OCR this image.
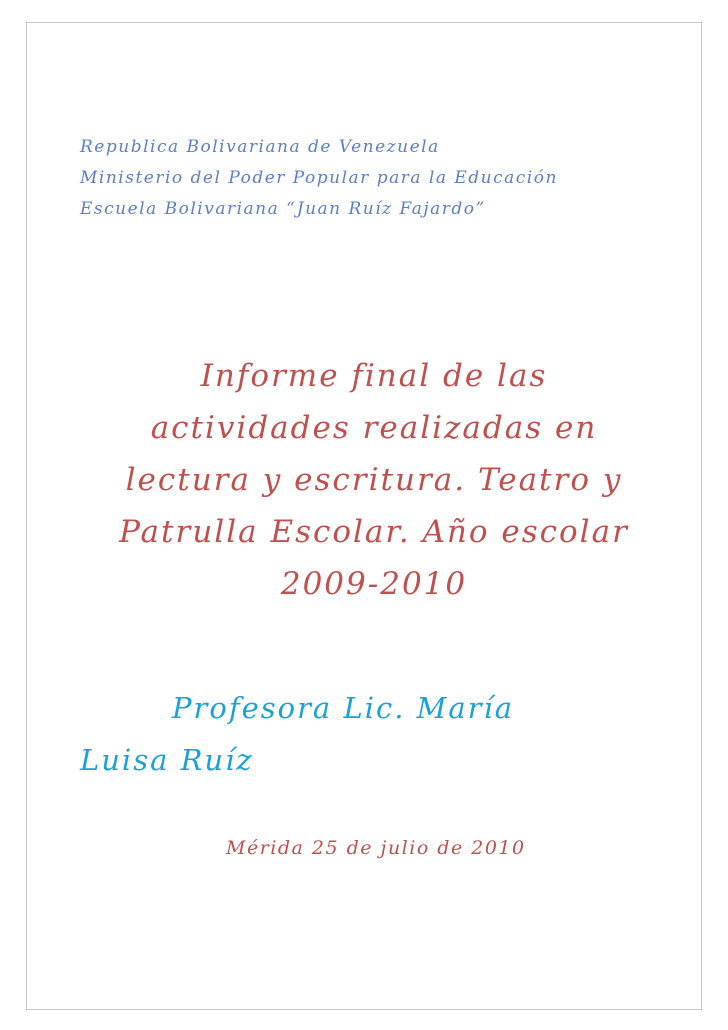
Republica Bolivariana de Venezuela
Ministerio del Poder Popular para la Educación
Escuela Bolivariana “Juan Ruíz Fajardo”
Informe final de las
actividades realizadas en
lectura y escritura. Teatro y
Patrulla Escolar. Año escolar
2009-2010
Profesora Lic. María
Luisa Ruíz
Mérida 25 de julio de 2010
